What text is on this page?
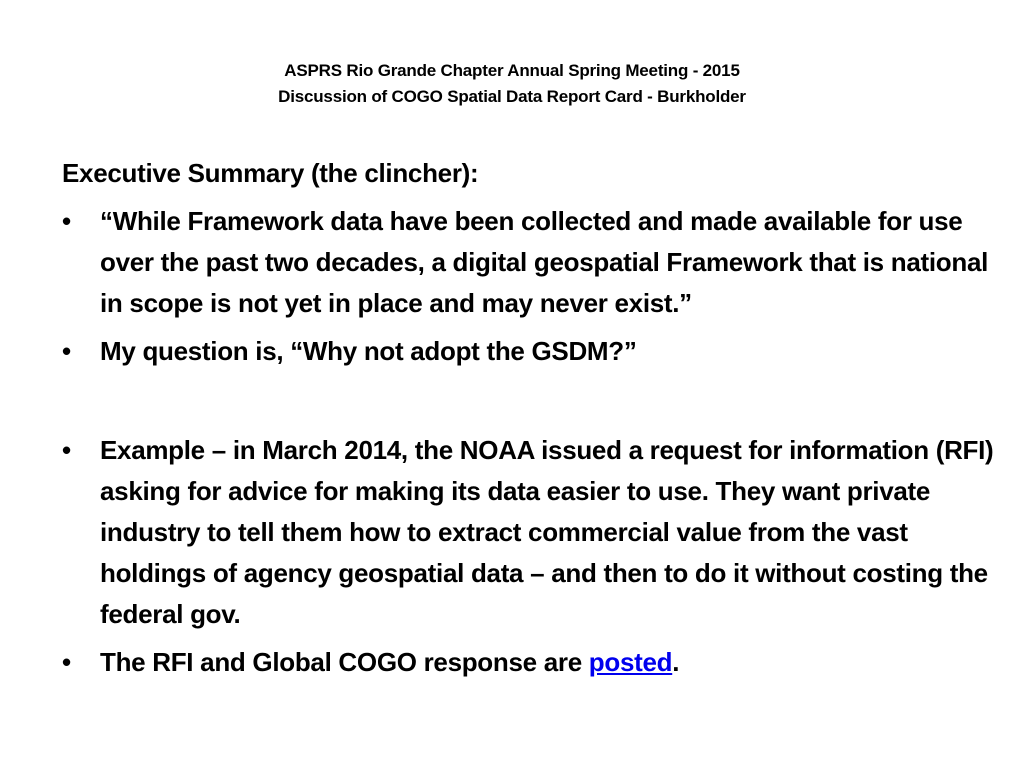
ASPRS Rio Grande Chapter Annual Spring Meeting - 2015
Discussion of COGO Spatial Data Report Card - Burkholder
Executive Summary (the clincher):
•	“While Framework data have been collected and made available for use over the past two decades, a digital geospatial Framework that is national in scope is not yet in place and may never exist.”
•	My question is, “Why not adopt the GSDM?”
•	Example – in March 2014, the NOAA issued a request for information (RFI) asking for advice for making its data easier to use. They want private industry to tell them how to extract commercial value from the vast holdings of agency geospatial data – and then to do it without costing the federal gov.
•	The RFI and Global COGO response are posted.
